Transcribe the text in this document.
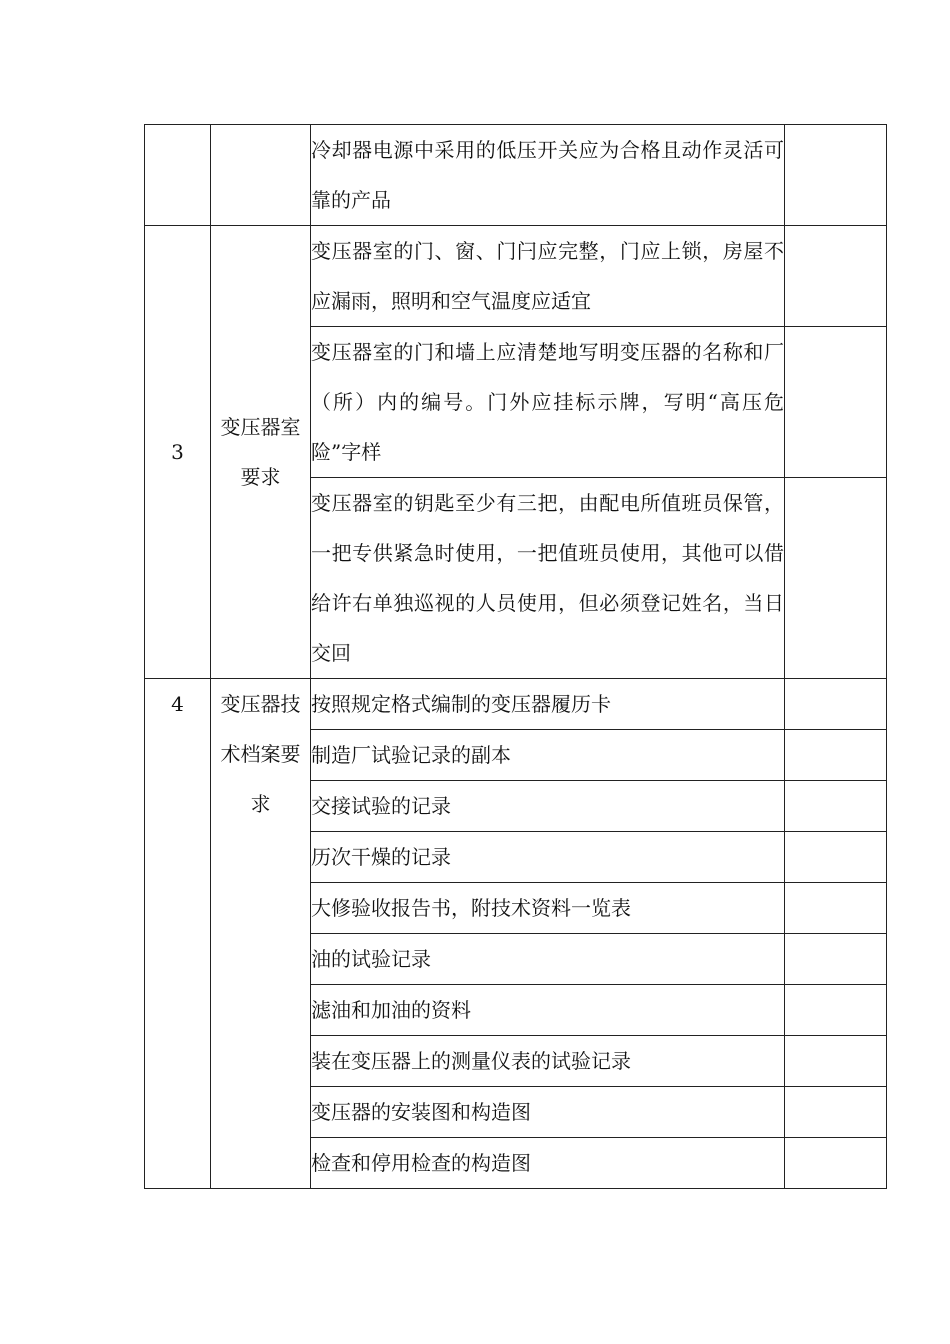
		冷却器电源中采用的低压开关应为合格且动作灵活可靠的产品	

3	变压器室要求	变压器室的门、窗、门闩应完整，门应上锁，房屋不应漏雨，照明和空气温度应适宜	

		变压器室的门和墙上应清楚地写明变压器的名称和厂（所）内的编号。门外应挂标示牌，写明“高压危险”字样	

		变压器室的钥匙至少有三把，由配电所值班员保管，一把专供紧急时使用，一把值班员使用，其他可以借给许右单独巡视的人员使用，但必须登记姓名，当日交回	

4	变压器技术档案要求	按照规定格式编制的变压器履历卡	

		制造厂试验记录的副本	

		交接试验的记录	

		历次干燥的记录	

		大修验收报告书，附技术资料一览表	

		油的试验记录	

		滤油和加油的资料	

		装在变压器上的测量仪表的试验记录	

		变压器的安装图和构造图	

		检查和停用检查的构造图	
